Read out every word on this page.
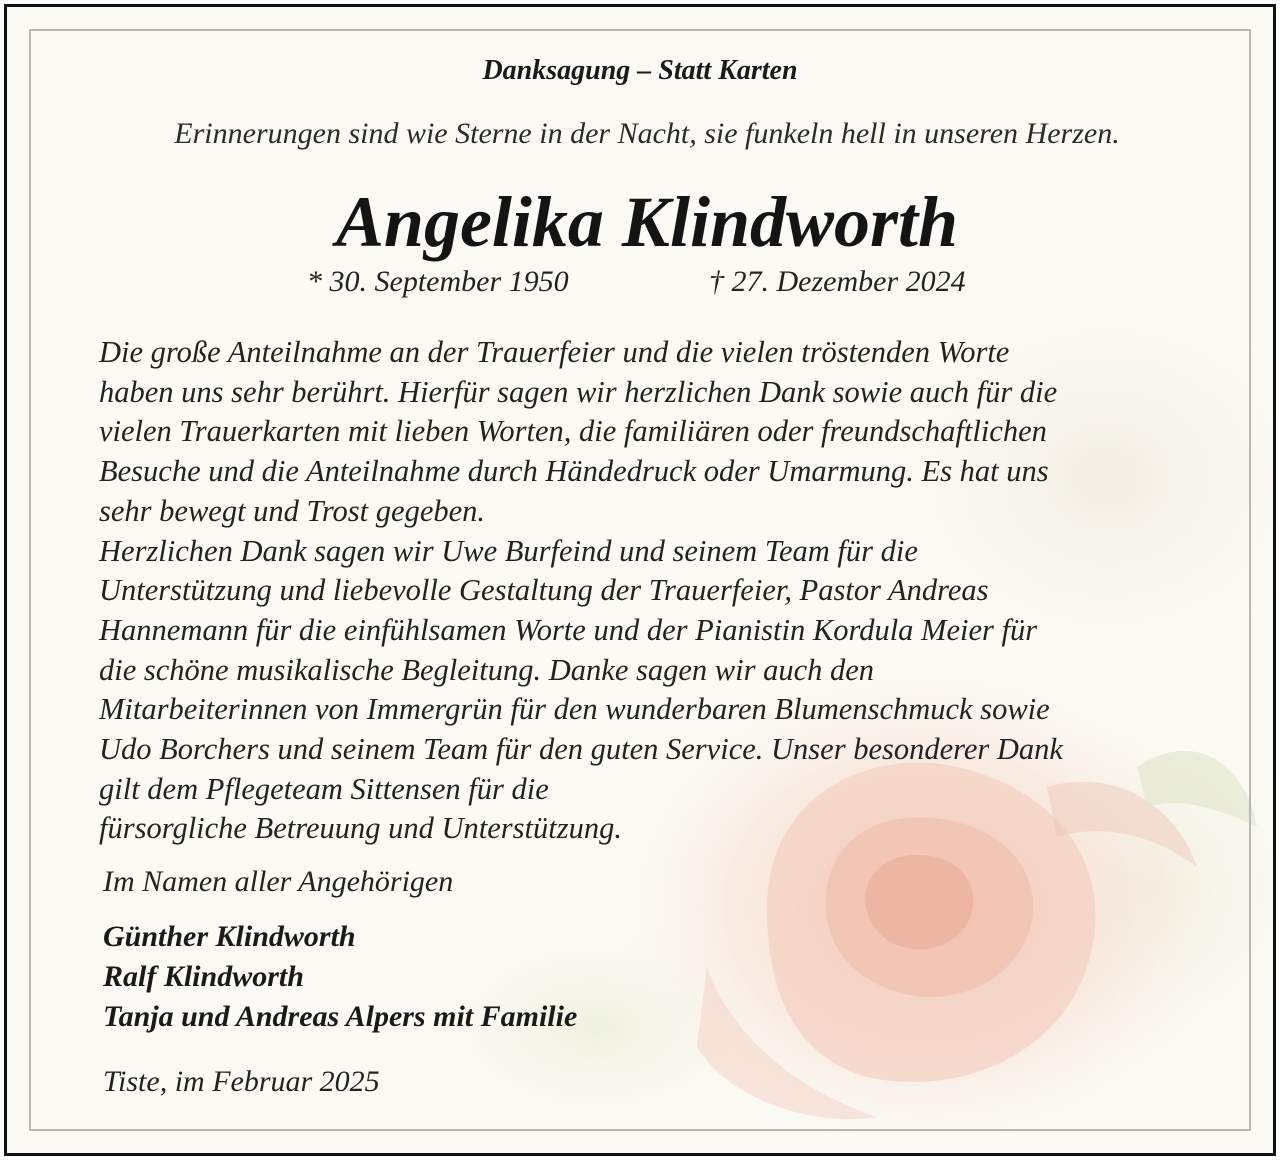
Danksagung – Statt Karten
Erinnerungen sind wie Sterne in der Nacht, sie funkeln hell in unseren Herzen.
Angelika Klindworth
* 30. September 1950	† 27. Dezember 2024
Die große Anteilnahme an der Trauerfeier und die vielen tröstenden Worte
haben uns sehr berührt. Hierfür sagen wir herzlichen Dank sowie auch für die
vielen Trauerkarten mit lieben Worten, die familiären oder freundschaftlichen
Besuche und die Anteilnahme durch Händedruck oder Umarmung. Es hat uns
sehr bewegt und Trost gegeben.
Herzlichen Dank sagen wir Uwe Burfeind und seinem Team für die
Unterstützung und liebevolle Gestaltung der Trauerfeier, Pastor Andreas
Hannemann für die einfühlsamen Worte und der Pianistin Kordula Meier für
die schöne musikalische Begleitung. Danke sagen wir auch den
Mitarbeiterinnen von Immergrün für den wunderbaren Blumenschmuck sowie
Udo Borchers und seinem Team für den guten Service. Unser besonderer Dank
gilt dem Pflegeteam Sittensen für die
fürsorgliche Betreuung und Unterstützung.
Im Namen aller Angehörigen
Günther Klindworth
Ralf Klindworth
Tanja und Andreas Alpers mit Familie
Tiste, im Februar 2025
